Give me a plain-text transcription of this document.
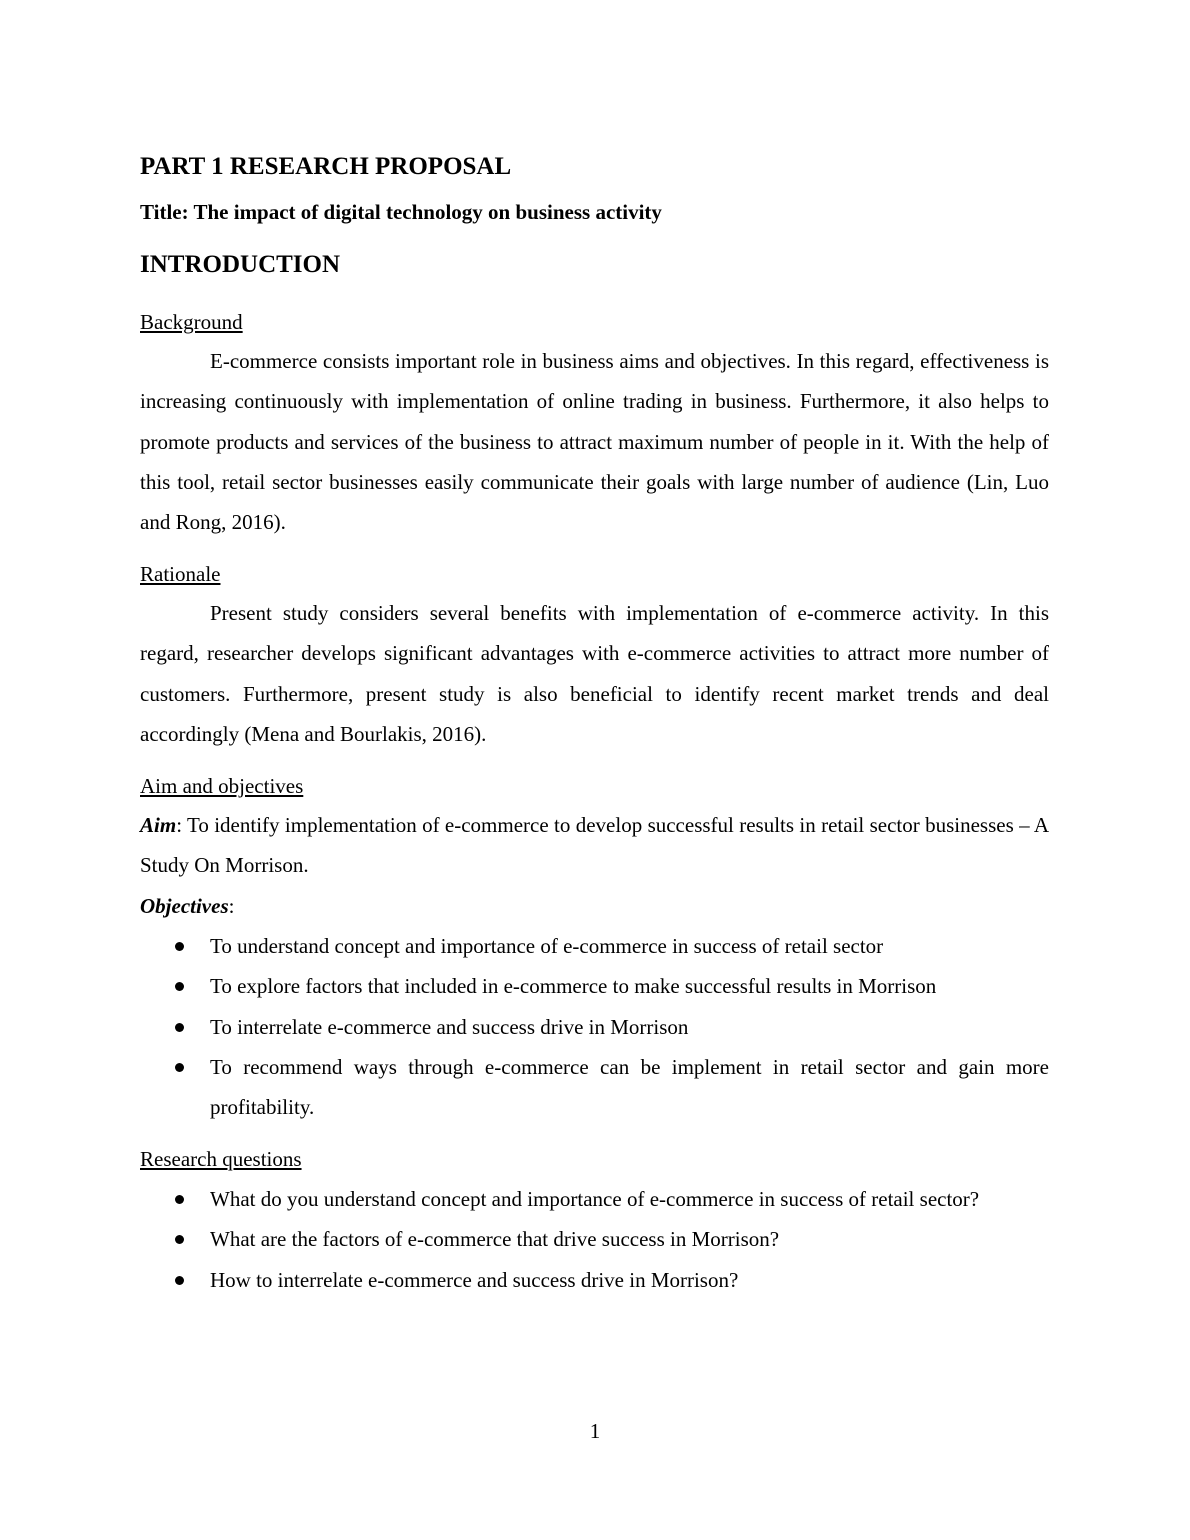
PART 1 RESEARCH PROPOSAL
Title: The impact of digital technology on business activity
INTRODUCTION
Background

E-commerce consists important role in business aims and objectives. In this regard, effectiveness is increasing continuously with implementation of online trading in business. Furthermore, it also helps to promote products and services of the business to attract maximum number of people in it. With the help of this tool, retail sector businesses easily communicate their goals with large number of audience (Lin, Luo and Rong, 2016).

Rationale

Present study considers several benefits with implementation of e-commerce activity. In this regard, researcher develops significant advantages with e-commerce activities to attract more number of customers. Furthermore, present study is also beneficial to identify recent market trends and deal accordingly (Mena and Bourlakis, 2016).

Aim and objectives

Aim: To identify implementation of e-commerce to develop successful results in retail sector businesses – A Study On Morrison.

Objectives:

To understand concept and importance of e-commerce in success of retail sector
To explore factors that included in e-commerce to make successful results in Morrison
To interrelate e-commerce and success drive in Morrison
To recommend ways through e-commerce can be implement in retail sector and gain more profitability.
Research questions
What do you understand concept and importance of e-commerce in success of retail sector?
What are the factors of e-commerce that drive success in Morrison?
How to interrelate e-commerce and success drive in Morrison?

1
